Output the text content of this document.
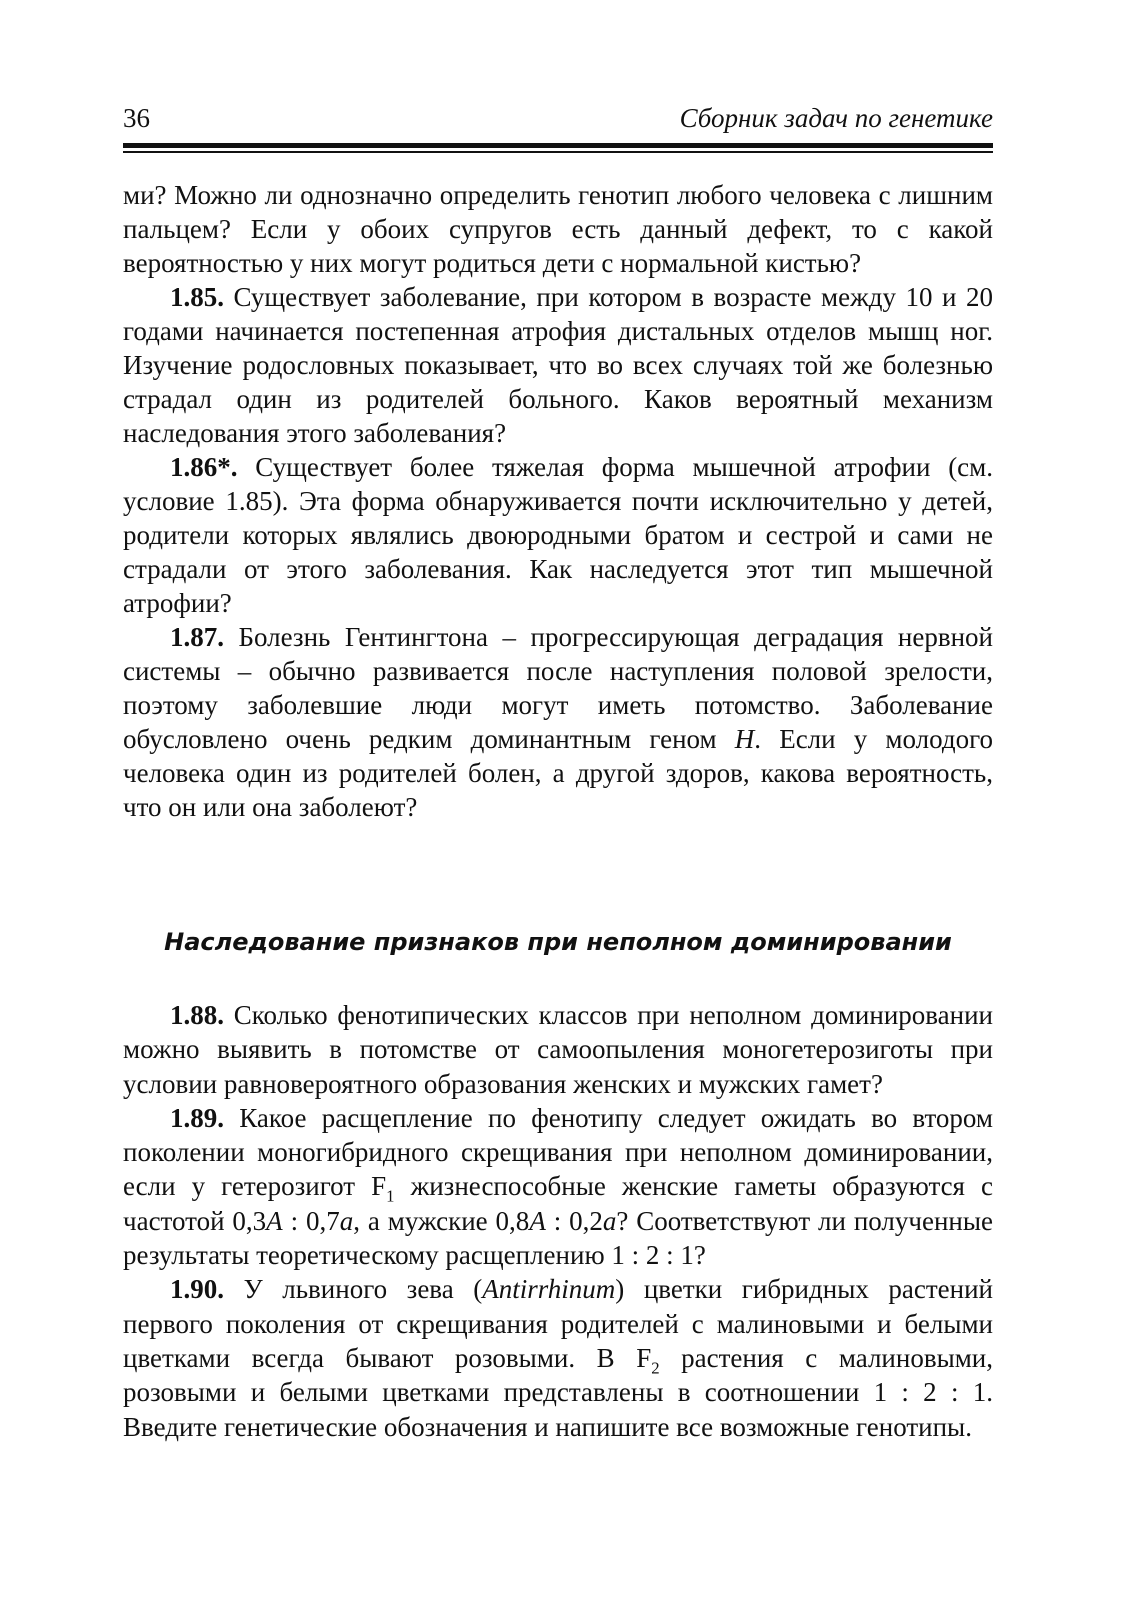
36	Сборник задач по генетике

ми? Можно ли однозначно определить генотип любого человека с лишним пальцем? Если у обоих супругов есть данный дефект, то с какой вероятностью у них могут родиться дети с нормальной кистью?

1.85. Существует заболевание, при котором в возрасте между 10 и 20 годами начинается постепенная атрофия дистальных отделов мышц ног. Изучение родословных показывает, что во всех случаях той же болезнью страдал один из родителей больного. Каков вероятный механизм наследования этого заболевания?

1.86*. Существует более тяжелая форма мышечной атрофии (см. условие 1.85). Эта форма обнаруживается почти исключительно у детей, родители которых являлись двоюродными братом и сестрой и сами не страдали от этого заболевания. Как наследуется этот тип мышечной атрофии?

1.87. Болезнь Гентингтона – прогрессирующая деградация нервной системы – обычно развивается после наступления половой зрелости, поэтому заболевшие люди могут иметь потомство. Заболевание обусловлено очень редким доминантным геном H. Если у молодого человека один из родителей болен, а другой здоров, какова вероятность, что он или она заболеют?

Наследование признаков при неполном доминировании

1.88. Сколько фенотипических классов при неполном доминировании можно выявить в потомстве от самоопыления моногетерозиготы при условии равновероятного образования женских и мужских гамет?

1.89. Какое расщепление по фенотипу следует ожидать во втором поколении моногибридного скрещивания при неполном доминировании, если у гетерозигот $F_1$ жизнеспособные женские гаметы образуются с частотой 0,3A : 0,7a, а мужские 0,8A : 0,2a? Соответствуют ли полученные результаты теоретическому расщеплению 1 : 2 : 1?

1.90. У львиного зева (Antirrhinum) цветки гибридных растений первого поколения от скрещивания родителей с малиновыми и белыми цветками всегда бывают розовыми. В $F_2$ растения с малиновыми, розовыми и белыми цветками представлены в соотношении 1 : 2 : 1. Введите генетические обозначения и напишите все возможные генотипы.
